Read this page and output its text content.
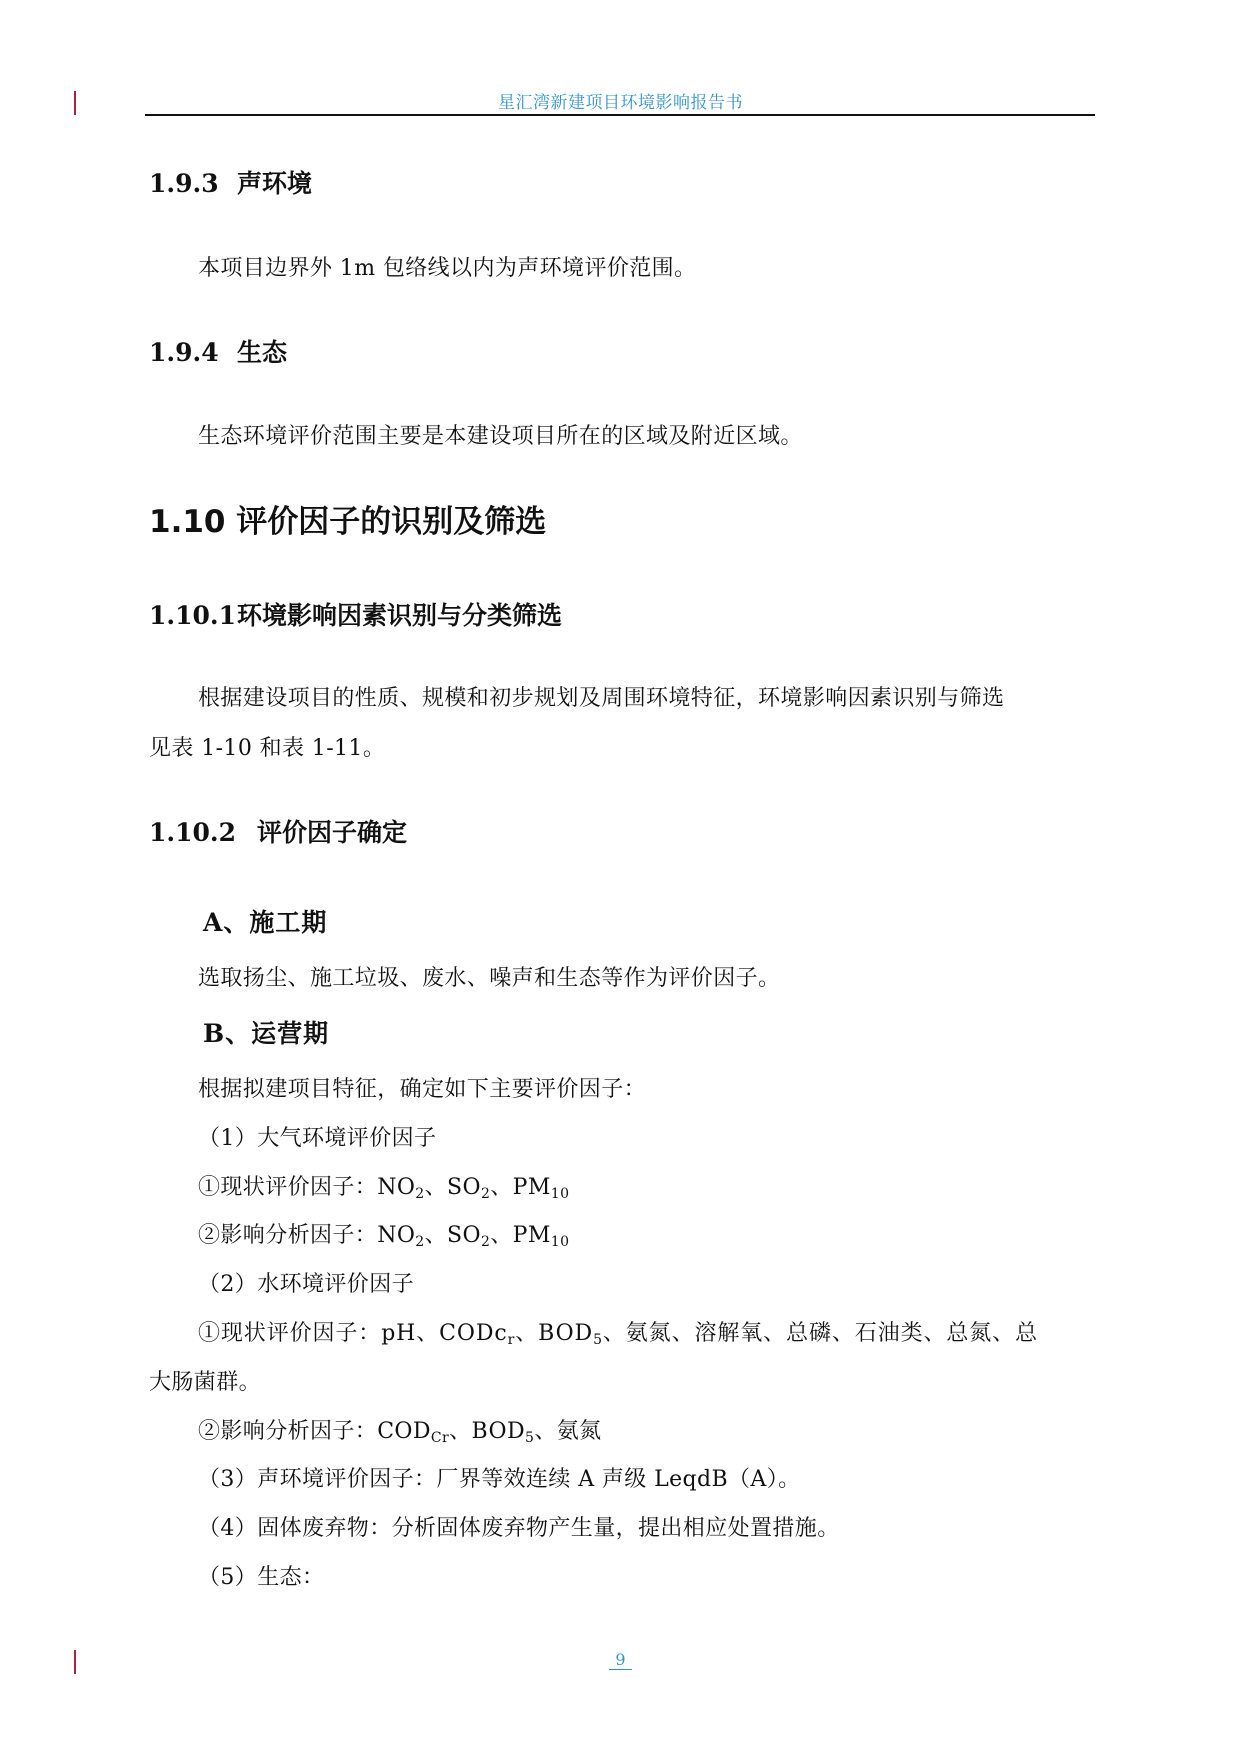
星汇湾新建项目环境影响报告书
1.9.3 声环境
本项目边界外 1m 包络线以内为声环境评价范围。
1.9.4 生态
生态环境评价范围主要是本建设项目所在的区域及附近区域。
1.10 评价因子的识别及筛选
1.10.1环境影响因素识别与分类筛选
根据建设项目的性质、规模和初步规划及周围环境特征，环境影响因素识别与筛选
见表 1-10 和表 1-11。
1.10.2 评价因子确定
A、施工期
选取扬尘、施工垃圾、废水、噪声和生态等作为评价因子。
B、运营期
根据拟建项目特征，确定如下主要评价因子：
（1）大气环境评价因子
①现状评价因子：$NO_2$、$SO_2$、$PM_{10}$
②影响分析因子：$NO_2$、$SO_2$、$PM_{10}$
（2）水环境评价因子
①现状评价因子：pH、CODc$_r$、$BOD_5$、氨氮、溶解氧、总磷、石油类、总氮、总
大肠菌群。
②影响分析因子：$COD_{Cr}$、$BOD_5$、氨氮
（3）声环境评价因子：厂界等效连续 A 声级 LeqdB（A）。
（4）固体废弃物：分析固体废弃物产生量，提出相应处置措施。
（5）生态：
9
